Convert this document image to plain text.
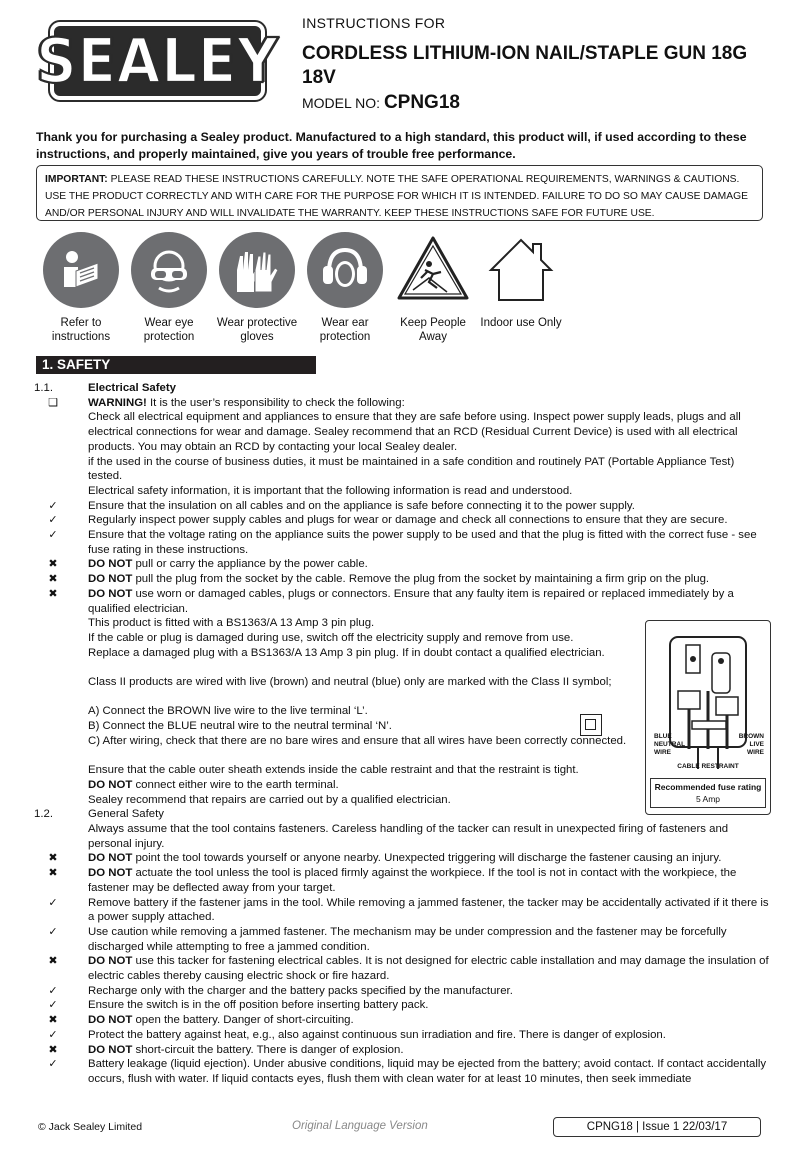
SEALEY
INSTRUCTIONS FOR
CORDLESS LITHIUM-ION NAIL/STAPLE GUN 18G 18V
MODEL NO: CPNG18
Thank you for purchasing a Sealey product. Manufactured to a high standard, this product will, if used according to these instructions, and properly maintained, give you years of trouble free performance.
IMPORTANT: PLEASE READ THESE INSTRUCTIONS CAREFULLY. NOTE THE SAFE OPERATIONAL REQUIREMENTS, WARNINGS & CAUTIONS. USE THE PRODUCT CORRECTLY AND WITH CARE FOR THE PURPOSE FOR WHICH IT IS INTENDED. FAILURE TO DO SO MAY CAUSE DAMAGE AND/OR PERSONAL INJURY AND WILL INVALIDATE THE WARRANTY. KEEP THESE INSTRUCTIONS SAFE FOR FUTURE USE.
Refer to instructions
Wear eye protection
Wear protective gloves
Wear ear protection
Keep People Away
Indoor use Only
1. SAFETY
1.1.	Electrical Safety
❑	WARNING! It is the user’s responsibility to check the following:
Check all electrical equipment and appliances to ensure that they are safe before using. Inspect power supply leads, plugs and all electrical connections for wear and damage. Sealey recommend that an RCD (Residual Current Device) is used with all electrical products. You may obtain an RCD by contacting your local Sealey dealer.
if the used in the course of business duties, it must be maintained in a safe condition and routinely PAT (Portable Appliance Test) tested.
Electrical safety information, it is important that the following information is read and understood.
✓	Ensure that the insulation on all cables and on the appliance is safe before connecting it to the power supply.
✓	Regularly inspect power supply cables and plugs for wear or damage and check all connections to ensure that they are secure.
✓	Ensure that the voltage rating on the appliance suits the power supply to be used and that the plug is fitted with the correct fuse - see fuse rating in these instructions.
✖	DO NOT pull or carry the appliance by the power cable.
✖	DO NOT pull the plug from the socket by the cable. Remove the plug from the socket by maintaining a firm grip on the plug.
✖	DO NOT use worn or damaged cables, plugs or connectors. Ensure that any faulty item is repaired or replaced immediately by a qualified electrician.
This product is fitted with a BS1363/A 13 Amp 3 pin plug.
If the cable or plug is damaged during use, switch off the electricity supply and remove from use.
Replace a damaged plug with a BS1363/A 13 Amp 3 pin plug. If in doubt contact a qualified electrician.
Class II products are wired with live (brown) and neutral (blue) only are marked with the Class II symbol;
A) Connect the BROWN live wire to the live terminal ‘L’.
B) Connect the BLUE neutral wire to the neutral terminal ‘N’.
C) After wiring, check that there are no bare wires and ensure that all wires have been correctly connected.
Ensure that the cable outer sheath extends inside the cable restraint and that the restraint is tight.
DO NOT connect either wire to the earth terminal.
Sealey recommend that repairs are carried out by a qualified electrician.
1.2.	General Safety
Always assume that the tool contains fasteners. Careless handling of the tacker can result in unexpected firing of fasteners and personal injury.
✖	DO NOT point the tool towards yourself or anyone nearby. Unexpected triggering will discharge the fastener causing an injury.
✖	DO NOT actuate the tool unless the tool is placed firmly against the workpiece. If the tool is not in contact with the workpiece, the fastener may be deflected away from your target.
✓	Remove battery if the fastener jams in the tool. While removing a jammed fastener, the tacker may be accidentally activated if it there is a power supply attached.
✓	Use caution while removing a jammed fastener. The mechanism may be under compression and the fastener may be forcefully discharged while attempting to free a jammed condition.
✖	DO NOT use this tacker for fastening electrical cables. It is not designed for electric cable installation and may damage the insulation of electric cables thereby causing electric shock or fire hazard.
✓	Recharge only with the charger and the battery packs specified by the manufacturer.
✓	Ensure the switch is in the off position before inserting battery pack.
✖	DO NOT open the battery. Danger of short-circuiting.
✓	Protect the battery against heat, e.g., also against continuous sun irradiation and fire. There is danger of explosion.
✖	DO NOT short-circuit the battery. There is danger of explosion.
✓	Battery leakage (liquid ejection). Under abusive conditions, liquid may be ejected from the battery; avoid contact. If contact accidentally occurs, flush with water. If liquid contacts eyes, flush them with clean water for at least 10 minutes, then seek immediate
BLUE NEUTRAL WIRE
BROWN LIVE WIRE
CABLE RESTRAINT
Recommended fuse rating
5 Amp
© Jack Sealey Limited	Original Language Version	CPNG18 | Issue 1 22/03/17
